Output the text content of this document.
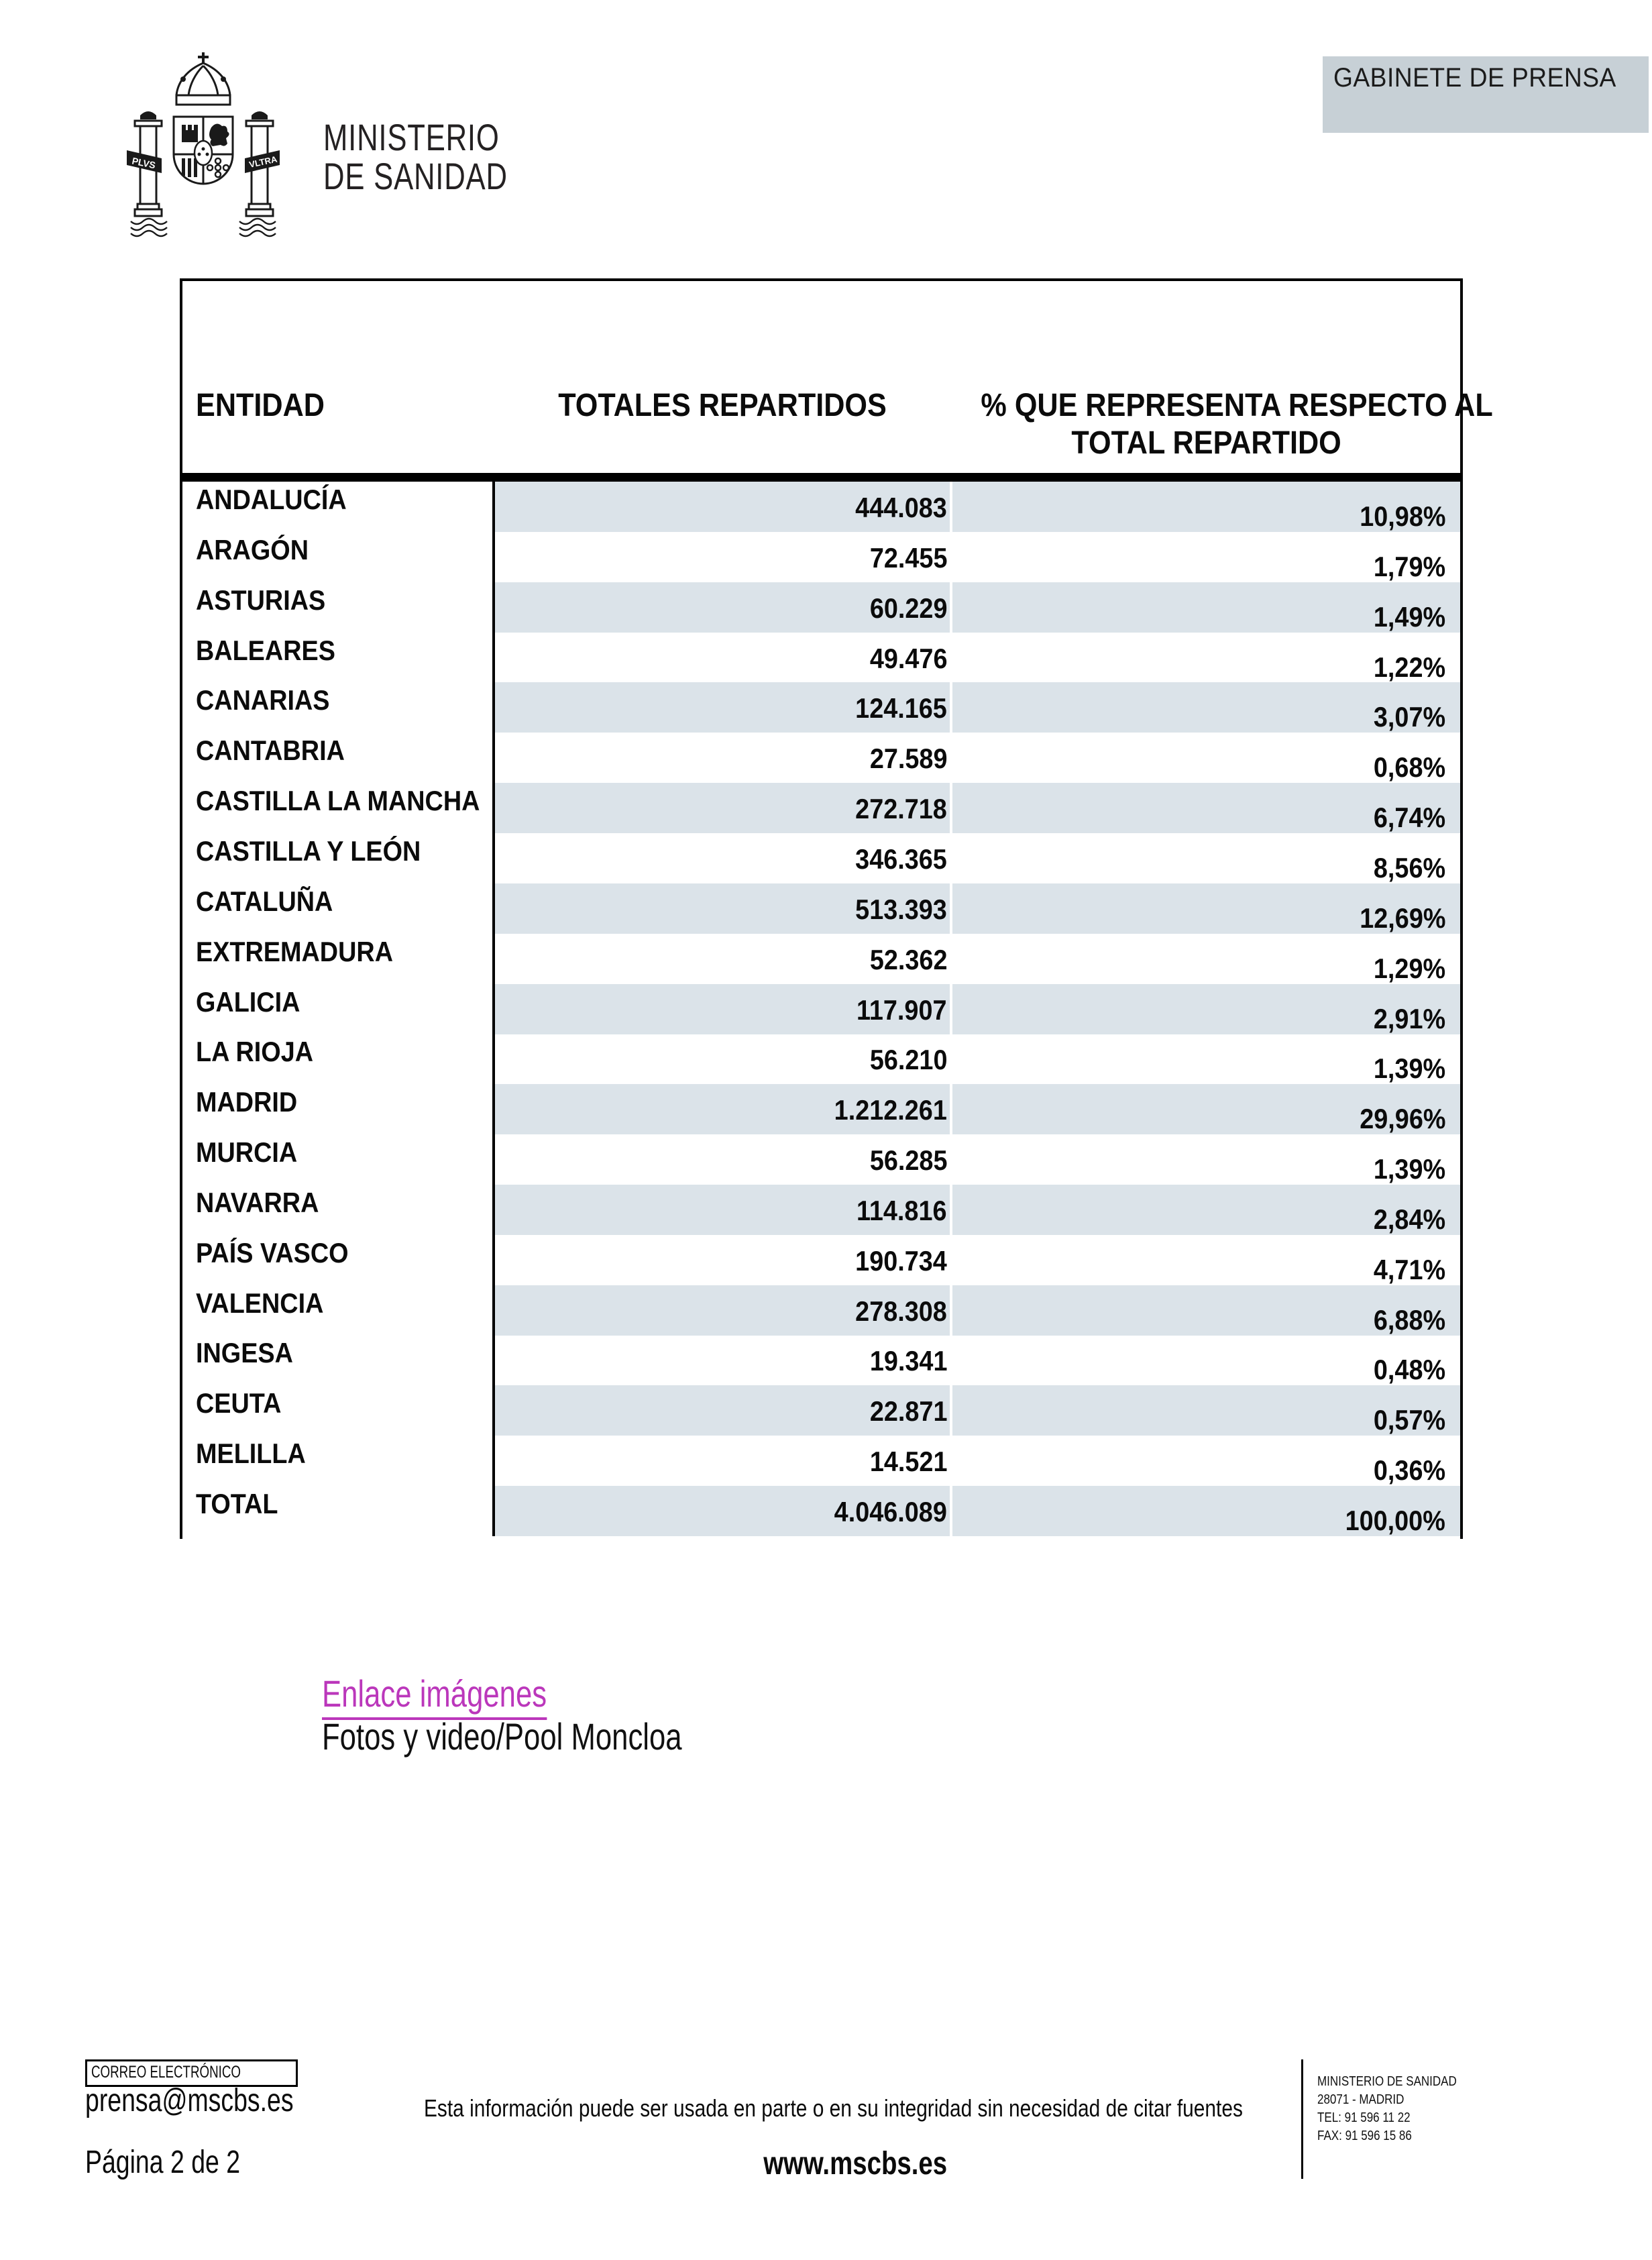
PLVS	VLTRA
MINISTERIO
DE SANIDAD
GABINETE DE PRENSA
ENTIDAD	TOTALES REPARTIDOS	% QUE REPRESENTA RESPECTO AL
TOTAL REPARTIDO
ANDALUCÍA	444.083	10,98%
ARAGÓN	72.455	1,79%
ASTURIAS	60.229	1,49%
BALEARES	49.476	1,22%
CANARIAS	124.165	3,07%
CANTABRIA	27.589	0,68%
CASTILLA LA MANCHA	272.718	6,74%
CASTILLA Y LEÓN	346.365	8,56%
CATALUÑA	513.393	12,69%
EXTREMADURA	52.362	1,29%
GALICIA	117.907	2,91%
LA RIOJA	56.210	1,39%
MADRID	1.212.261	29,96%
MURCIA	56.285	1,39%
NAVARRA	114.816	2,84%
PAÍS VASCO	190.734	4,71%
VALENCIA	278.308	6,88%
INGESA	19.341	0,48%
CEUTA	22.871	0,57%
MELILLA	14.521	0,36%
TOTAL	4.046.089	100,00%
Enlace imágenes
Fotos y video/Pool Moncloa
CORREO ELECTRÓNICO
prensa@mscbs.es
Página 2 de 2
Esta información puede ser usada en parte o en su integridad sin necesidad de citar fuentes
www.mscbs.es
MINISTERIO DE SANIDAD
28071 - MADRID
TEL: 91 596 11 22
FAX: 91 596 15 86
